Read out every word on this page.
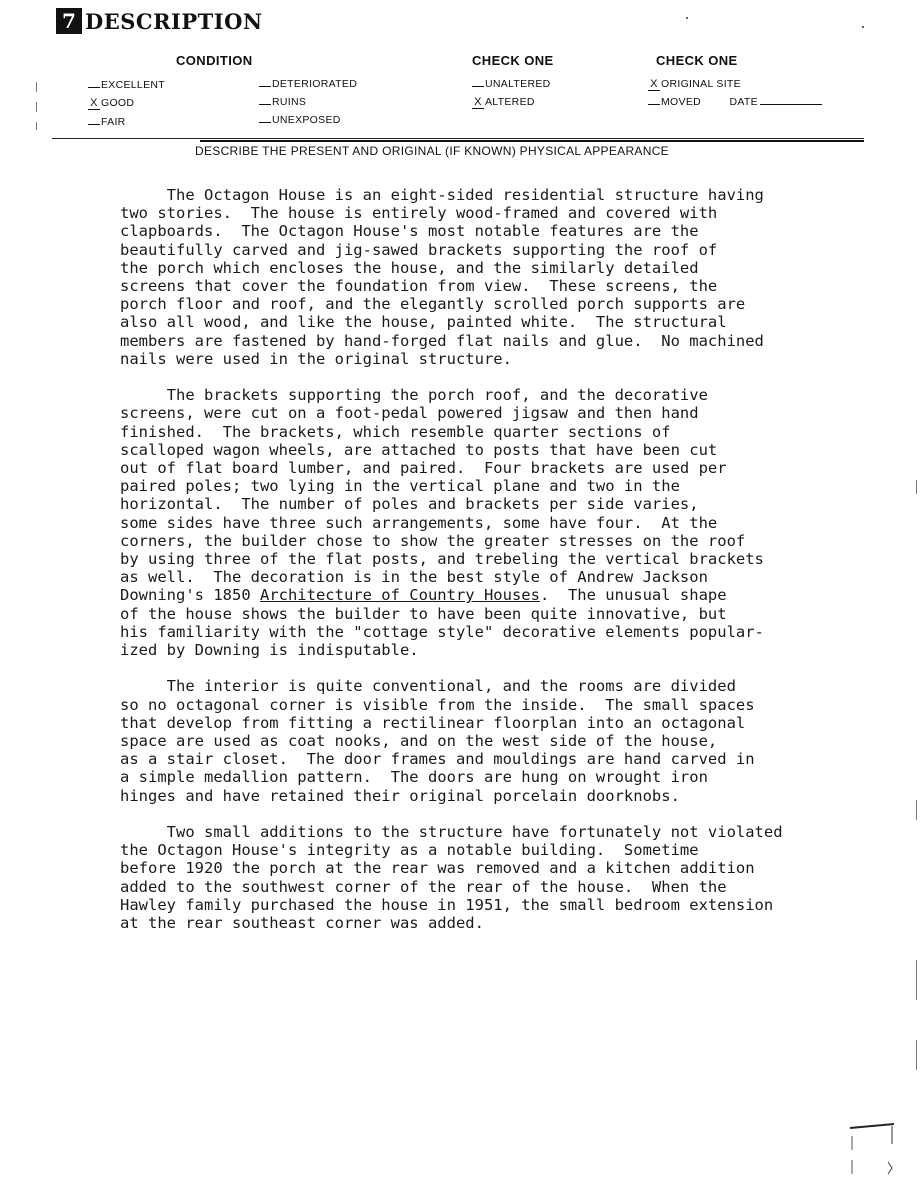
7 DESCRIPTION
CONDITION	CHECK ONE	CHECK ONE
EXCELLENT
X GOOD
FAIR
DETERIORATED
RUINS
UNEXPOSED
UNALTERED
X ALTERED
X ORIGINAL SITE
MOVED	DATE
DESCRIBE THE PRESENT AND ORIGINAL (IF KNOWN) PHYSICAL APPEARANCE
The Octagon House is an eight-sided residential structure having
two stories.  The house is entirely wood-framed and covered with
clapboards.  The Octagon House's most notable features are the
beautifully carved and jig-sawed brackets supporting the roof of
the porch which encloses the house, and the similarly detailed
screens that cover the foundation from view.  These screens, the
porch floor and roof, and the elegantly scrolled porch supports are
also all wood, and like the house, painted white.  The structural
members are fastened by hand-forged flat nails and glue.  No machined
nails were used in the original structure.
The brackets supporting the porch roof, and the decorative
screens, were cut on a foot-pedal powered jigsaw and then hand
finished.  The brackets, which resemble quarter sections of
scalloped wagon wheels, are attached to posts that have been cut
out of flat board lumber, and paired.  Four brackets are used per
paired poles; two lying in the vertical plane and two in the
horizontal.  The number of poles and brackets per side varies,
some sides have three such arrangements, some have four.  At the
corners, the builder chose to show the greater stresses on the roof
by using three of the flat posts, and trebeling the vertical brackets
as well.  The decoration is in the best style of Andrew Jackson
Downing's 1850 Architecture of Country Houses.  The unusual shape
of the house shows the builder to have been quite innovative, but
his familiarity with the "cottage style" decorative elements popular-
ized by Downing is indisputable.
The interior is quite conventional, and the rooms are divided
so no octagonal corner is visible from the inside.  The small spaces
that develop from fitting a rectilinear floorplan into an octagonal
space are used as coat nooks, and on the west side of the house,
as a stair closet.  The door frames and mouldings are hand carved in
a simple medallion pattern.  The doors are hung on wrought iron
hinges and have retained their original porcelain doorknobs.
Two small additions to the structure have fortunately not violated
the Octagon House's integrity as a notable building.  Sometime
before 1920 the porch at the rear was removed and a kitchen addition
added to the southwest corner of the rear of the house.  When the
Hawley family purchased the house in 1951, the small bedroom extension
at the rear southeast corner was added.
